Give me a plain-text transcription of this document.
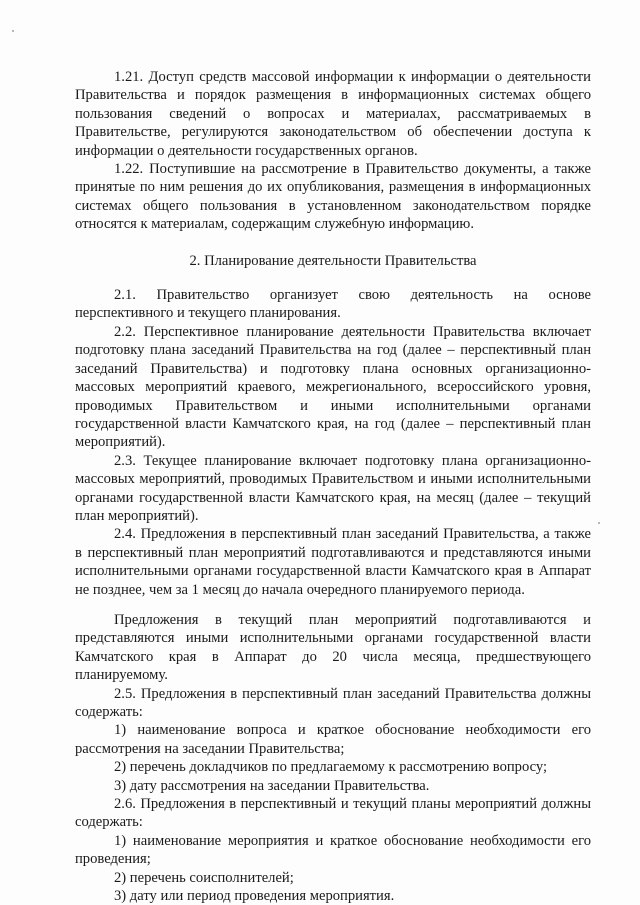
1.21. Доступ средств массовой информации к информации о деятельности Правительства и порядок размещения в информационных системах общего пользования сведений о вопросах и материалах, рассматриваемых в Правительстве, регулируются законодательством об обеспечении доступа к информации о деятельности государственных органов.

1.22. Поступившие на рассмотрение в Правительство документы, а также принятые по ним решения до их опубликования, размещения в информационных системах общего пользования в установленном законодательством порядке относятся к материалам, содержащим служебную информацию.

2. Планирование деятельности Правительства

2.1. Правительство организует свою деятельность на основе перспективного и текущего планирования.

2.2. Перспективное планирование деятельности Правительства включает подготовку плана заседаний Правительства на год (далее – перспективный план заседаний Правительства) и подготовку плана основных организационно-массовых мероприятий краевого, межрегионального, всероссийского уровня, проводимых Правительством и иными исполнительными органами государственной власти Камчатского края, на год (далее – перспективный план мероприятий).

2.3. Текущее планирование включает подготовку плана организационно-массовых мероприятий, проводимых Правительством и иными исполнительными органами государственной власти Камчатского края, на месяц (далее – текущий план мероприятий).

2.4. Предложения в перспективный план заседаний Правительства, а также в перспективный план мероприятий подготавливаются и представляются иными исполнительными органами государственной власти Камчатского края в Аппарат не позднее, чем за 1 месяц до начала очередного планируемого периода.

Предложения в текущий план мероприятий подготавливаются и представляются иными исполнительными органами государственной власти Камчатского края в Аппарат до 20 числа месяца, предшествующего планируемому.

2.5. Предложения в перспективный план заседаний Правительства должны содержать:

1) наименование вопроса и краткое обоснование необходимости его рассмотрения на заседании Правительства;

2) перечень докладчиков по предлагаемому к рассмотрению вопросу;

3) дату рассмотрения на заседании Правительства.

2.6. Предложения в перспективный и текущий планы мероприятий должны содержать:

1) наименование мероприятия и краткое обоснование необходимости его проведения;

2) перечень соисполнителей;

3) дату или период проведения мероприятия.
